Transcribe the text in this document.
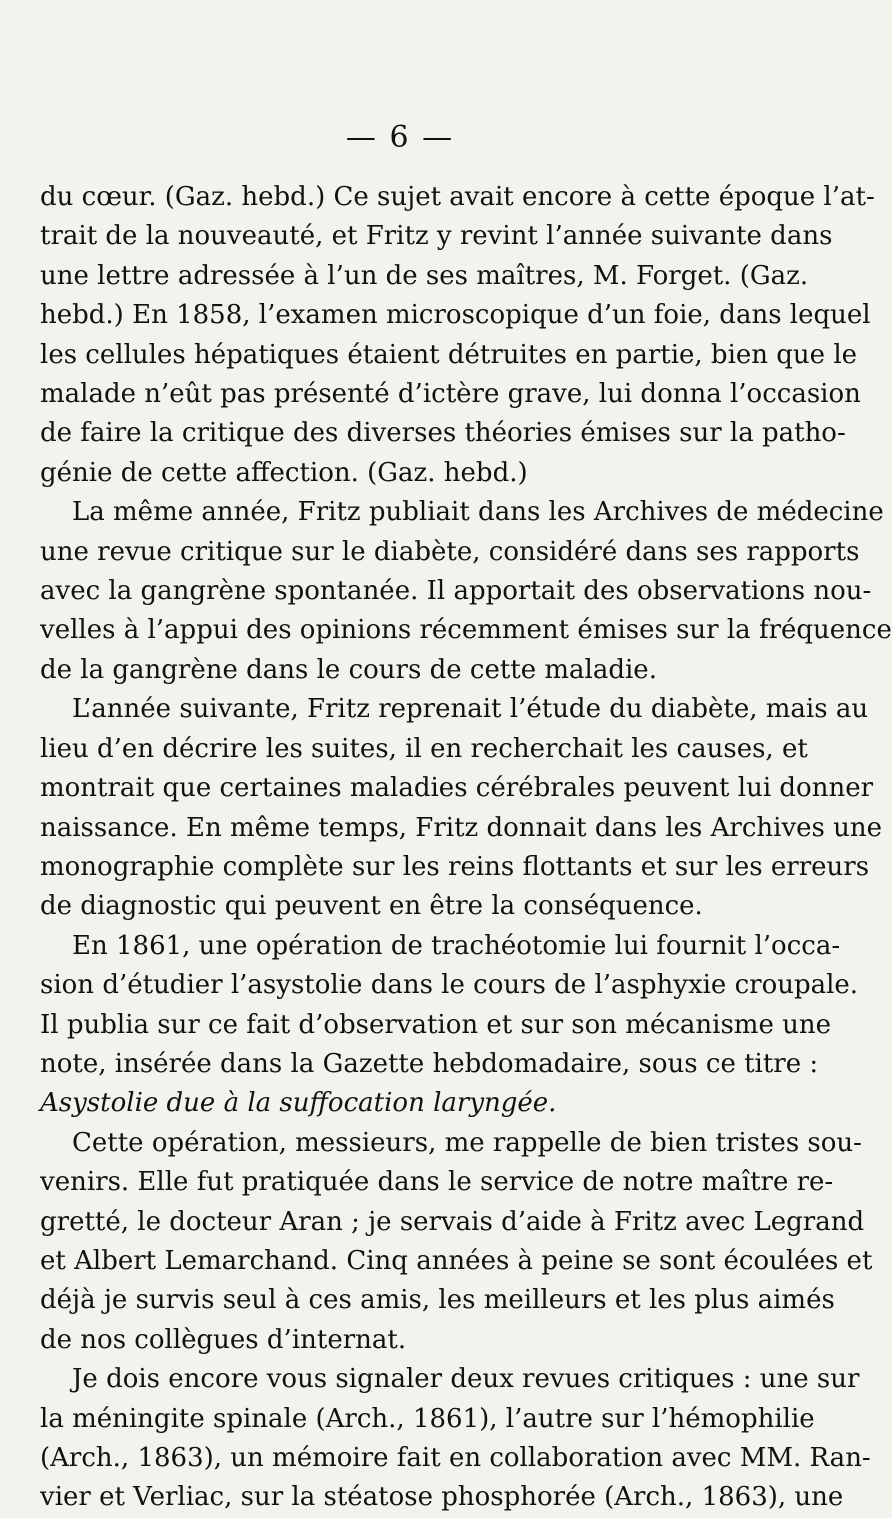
— 6 —

du cœur. (Gaz. hebd.) Ce sujet avait encore à cette époque l’at-
trait de la nouveauté, et Fritz y revint l’année suivante dans
une lettre adressée à l’un de ses maîtres, M. Forget. (Gaz.
hebd.) En 1858, l’examen microscopique d’un foie, dans lequel
les cellules hépatiques étaient détruites en partie, bien que le
malade n’eût pas présenté d’ictère grave, lui donna l’occasion
de faire la critique des diverses théories émises sur la patho-
génie de cette affection. (Gaz. hebd.)

La même année, Fritz publiait dans les Archives de médecine
une revue critique sur le diabète, considéré dans ses rapports
avec la gangrène spontanée. Il apportait des observations nou-
velles à l’appui des opinions récemment émises sur la fréquence
de la gangrène dans le cours de cette maladie.

L’année suivante, Fritz reprenait l’étude du diabète, mais au
lieu d’en décrire les suites, il en recherchait les causes, et
montrait que certaines maladies cérébrales peuvent lui donner
naissance. En même temps, Fritz donnait dans les Archives une
monographie complète sur les reins flottants et sur les erreurs
de diagnostic qui peuvent en être la conséquence.

En 1861, une opération de trachéotomie lui fournit l’occa-
sion d’étudier l’asystolie dans le cours de l’asphyxie croupale.
Il publia sur ce fait d’observation et sur son mécanisme une
note, insérée dans la Gazette hebdomadaire, sous ce titre :
Asystolie due à la suffocation laryngée.

Cette opération, messieurs, me rappelle de bien tristes sou-
venirs. Elle fut pratiquée dans le service de notre maître re-
gretté, le docteur Aran ; je servais d’aide à Fritz avec Legrand
et Albert Lemarchand. Cinq années à peine se sont écoulées et
déjà je survis seul à ces amis, les meilleurs et les plus aimés
de nos collègues d’internat.

Je dois encore vous signaler deux revues critiques : une sur
la méningite spinale (Arch., 1861), l’autre sur l’hémophilie
(Arch., 1863), un mémoire fait en collaboration avec MM. Ran-
vier et Verliac, sur la stéatose phosphorée (Arch., 1863), une
